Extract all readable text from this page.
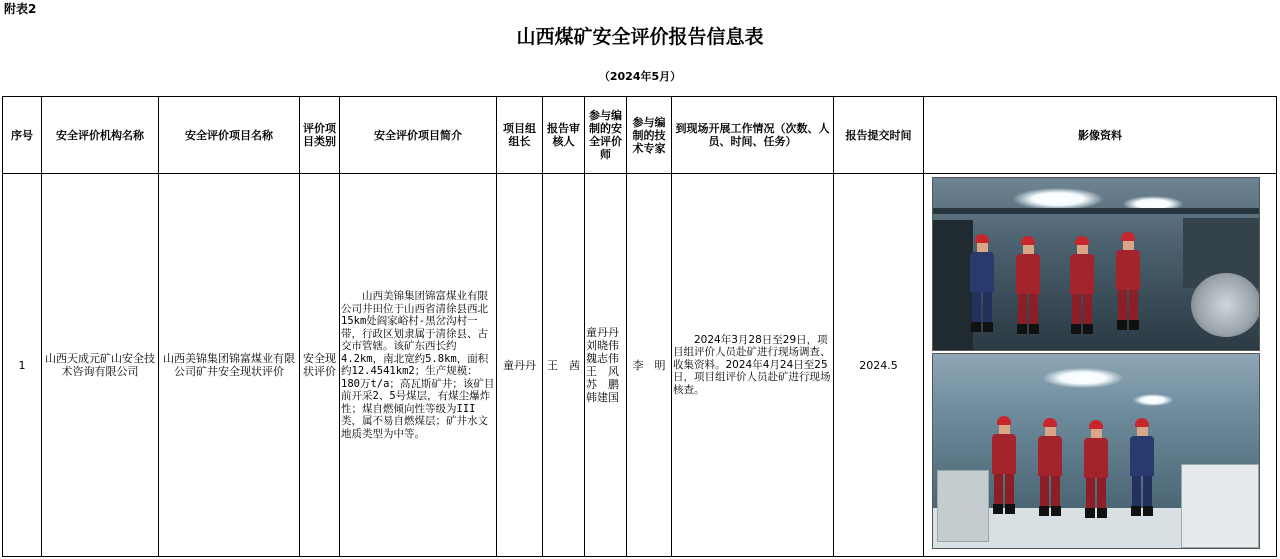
附表2
山西煤矿安全评价报告信息表
（2024年5月）
序号	安全评价机构名称	安全评价项目名称	评价项目类别	安全评价项目简介	项目组组长	报告审核人	参与编制的安全评价师	参与编制的技术专家	到现场开展工作情况（次数、人员、时间、任务）	报告提交时间	影像资料
1	山西天成元矿山安全技术咨询有限公司	山西美锦集团锦富煤业有限公司矿井安全现状评价	安全现状评价	山西美锦集团锦富煤业有限公司井田位于山西省清徐县西北15km处阎家峪村-黑岔沟村一带，行政区划隶属于清徐县、古交市管辖。该矿东西长约4.2km，南北宽约5.8km，面积约12.4541km2；生产规模：180万t/a；高瓦斯矿井；该矿目前开采2、5号煤层，有煤尘爆炸性；煤自燃倾向性等级为III类，属不易自燃煤层；矿井水文地质类型为中等。	童丹丹	王　茜	童丹丹 刘晓伟 魏志伟 王　风 苏　鹏 韩建国	李　明	2024年3月28日至29日，项目组评价人员赴矿进行现场调查、收集资料。2024年4月24日至25日，项目组评价人员赴矿进行现场核查。	2024.5	
